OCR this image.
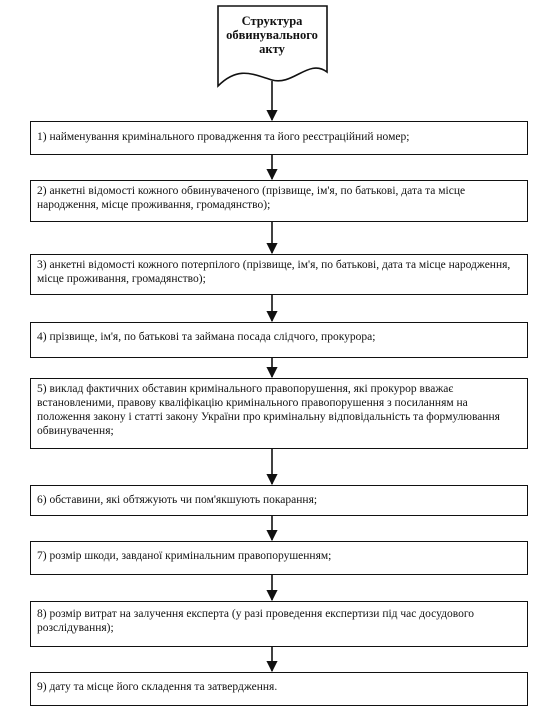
Структура обвинувального акту
1) найменування кримінального провадження та його реєстраційний номер;
2) анкетні відомості кожного обвинуваченого (прізвище, ім'я, по батькові, дата та місце народження, місце проживання, громадянство);
3) анкетні відомості кожного потерпілого (прізвище, ім'я, по батькові, дата та місце народження, місце проживання, громадянство);
4) прізвище, ім'я, по батькові та займана посада слідчого, прокурора;
5) виклад фактичних обставин кримінального правопорушення, які прокурор вважає встановленими, правову кваліфікацію кримінального правопорушення з посиланням на положення закону і статті закону України про кримінальну відповідальність та формулювання обвинувачення;
6) обставини, які обтяжують чи пом'якшують покарання;
7) розмір шкоди, завданої кримінальним правопорушенням;
8) розмір витрат на залучення експерта (у разі проведення експертизи під час досудового розслідування);
9) дату та місце його складення та затвердження.
